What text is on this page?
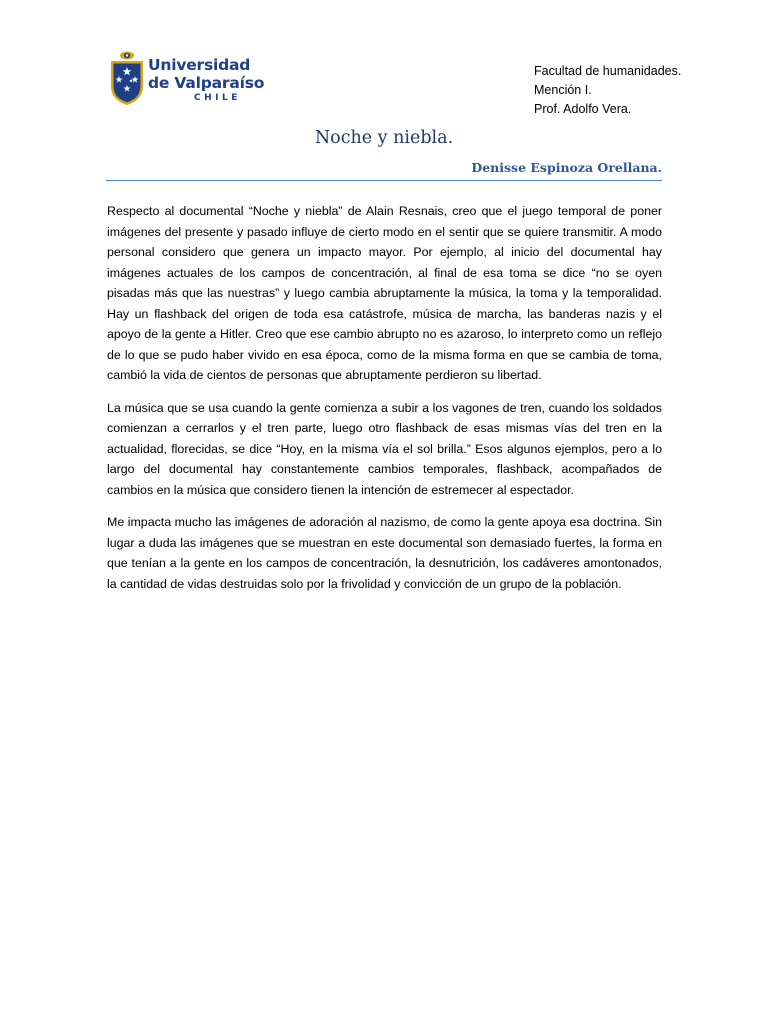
Universidad
de Valparaíso
CHILE
Facultad de humanidades.
Mención I.
Prof. Adolfo Vera.
Noche y niebla.
Denisse Espinoza Orellana.

Respecto al documental “Noche y niebla” de Alain Resnais, creo que el juego temporal de poner imágenes del presente y pasado influye de cierto modo en el sentir que se quiere transmitir. A modo personal considero que genera un impacto mayor. Por ejemplo, al inicio del documental hay imágenes actuales de los campos de concentración, al final de esa toma se dice “no se oyen pisadas más que las nuestras” y luego cambia abruptamente la música, la toma y la temporalidad. Hay un flashback del origen de toda esa catástrofe, música de marcha, las banderas nazis y el apoyo de la gente a Hitler. Creo que ese cambio abrupto no es azaroso, lo interpreto como un reflejo de lo que se pudo haber vivido en esa época, como de la misma forma en que se cambia de toma, cambió la vida de cientos de personas que abruptamente perdieron su libertad.

La música que se usa cuando la gente comienza a subir a los vagones de tren, cuando los soldados comienzan a cerrarlos y el tren parte, luego otro flashback de esas mismas vías del tren en la actualidad, florecidas, se dice “Hoy, en la misma vía el sol brilla.” Esos algunos ejemplos, pero a lo largo del documental hay constantemente cambios temporales, flashback, acompañados de cambios en la música que considero tienen la intención de estremecer al espectador.

Me impacta mucho las imágenes de adoración al nazismo, de como la gente apoya esa doctrina. Sin lugar a duda las imágenes que se muestran en este documental son demasiado fuertes, la forma en que tenían a la gente en los campos de concentración, la desnutrición, los cadáveres amontonados, la cantidad de vidas destruidas solo por la frivolidad y convicción de un grupo de la población.
